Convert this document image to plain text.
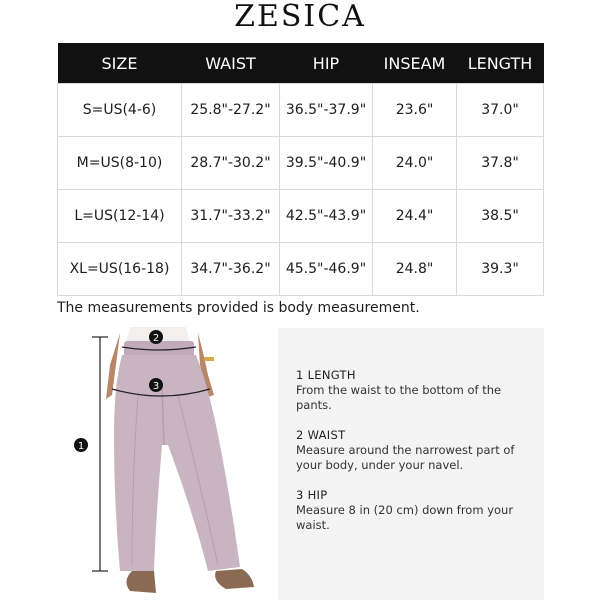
ZESICA
SIZE	WAIST	HIP	INSEAM	LENGTH
S=US(4-6)	25.8"-27.2"	36.5"-37.9"	23.6"	37.0"
M=US(8-10)	28.7"-30.2"	39.5"-40.9"	24.0"	37.8"
L=US(12-14)	31.7"-33.2"	42.5"-43.9"	24.4"	38.5"
XL=US(16-18)	34.7"-36.2"	45.5"-46.9"	24.8"	39.3"
The measurements provided is body measurement.
1
2
3
1 LENGTH
From the waist to the bottom of the pants.
2 WAIST
Measure around the narrowest part of your body, under your navel.
3 HIP
Measure 8 in (20 cm) down from your waist.
